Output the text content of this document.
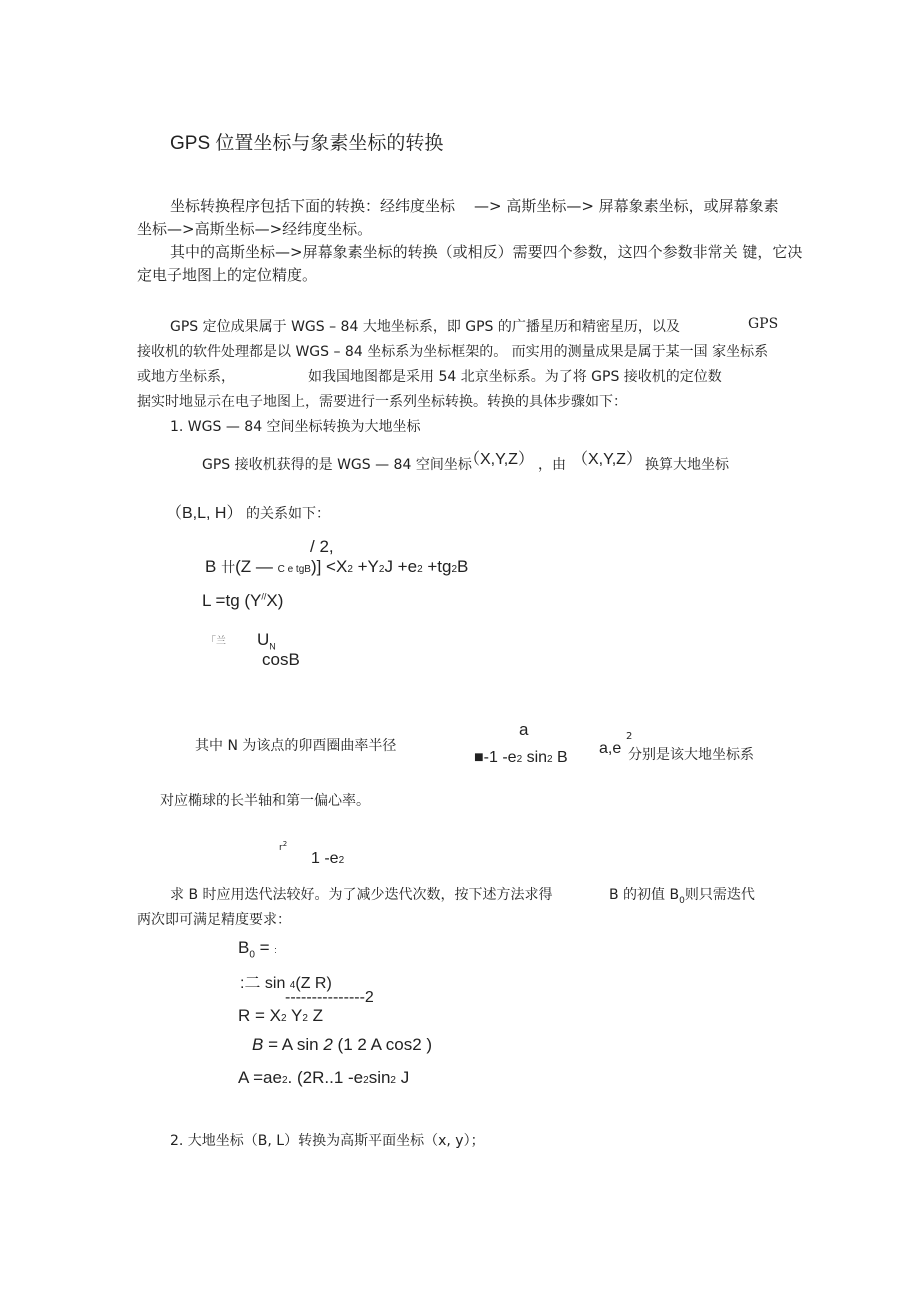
GPS 位置坐标与象素坐标的转换
坐标转换程序包括下面的转换：经纬度坐标 —> 高斯坐标—> 屏幕象素坐标，或屏幕象素
坐标—>高斯坐标—>经纬度坐标。
其中的高斯坐标—>屏幕象素坐标的转换（或相反）需要四个参数，这四个参数非常关 键，它决
定电子地图上的定位精度。
GPS 定位成果属于 WGS – 84 大地坐标系，即 GPS 的广播星历和精密星历，以及	GPS
接收机的软件处理都是以 WGS – 84 坐标系为坐标框架的。 而实用的测量成果是属于某一国 家坐标系
或地方坐标系，	如我国地图都是采用 54 北京坐标系。为了将 GPS 接收机的定位数
据实时地显示在电子地图上，需要进行一系列坐标转换。转换的具体步骤如下：
1. WGS — 84 空间坐标转换为大地坐标
GPS 接收机获得的是 WGS — 84 空间坐标
（X,Y,Z） ，由 （X,Y,Z） 换算大地坐标
（B,L, H） 的关系如下：
/ 2,
B 卄(Z — C e tgB)] <X2 +Y2J +e2 +tg2B
L =tg (Y//X)
「兰 $U_N$
cosB
a
其中 N 为该点的卯酉圈曲率半径
■-1 -e2 sin2 B
a,e
2
分别是该大地坐标系
对应椭球的长半轴和第一偏心率。
$r^2$
1 -e2
求 B 时应用迭代法较好。为了减少迭代次数，按下述方法求得	B 的初值 $B_0$则只需迭代
两次即可满足精度要求：
$B_0$ = :
:二 sin 4(Z R)
---------------2
R = X2 Y2 Z
B = A sin 2 (1 2 A cos2 )
A =ae2. (2R..1 -e2sin2 J
2. 大地坐标（B, L）转换为高斯平面坐标（x, y）；
